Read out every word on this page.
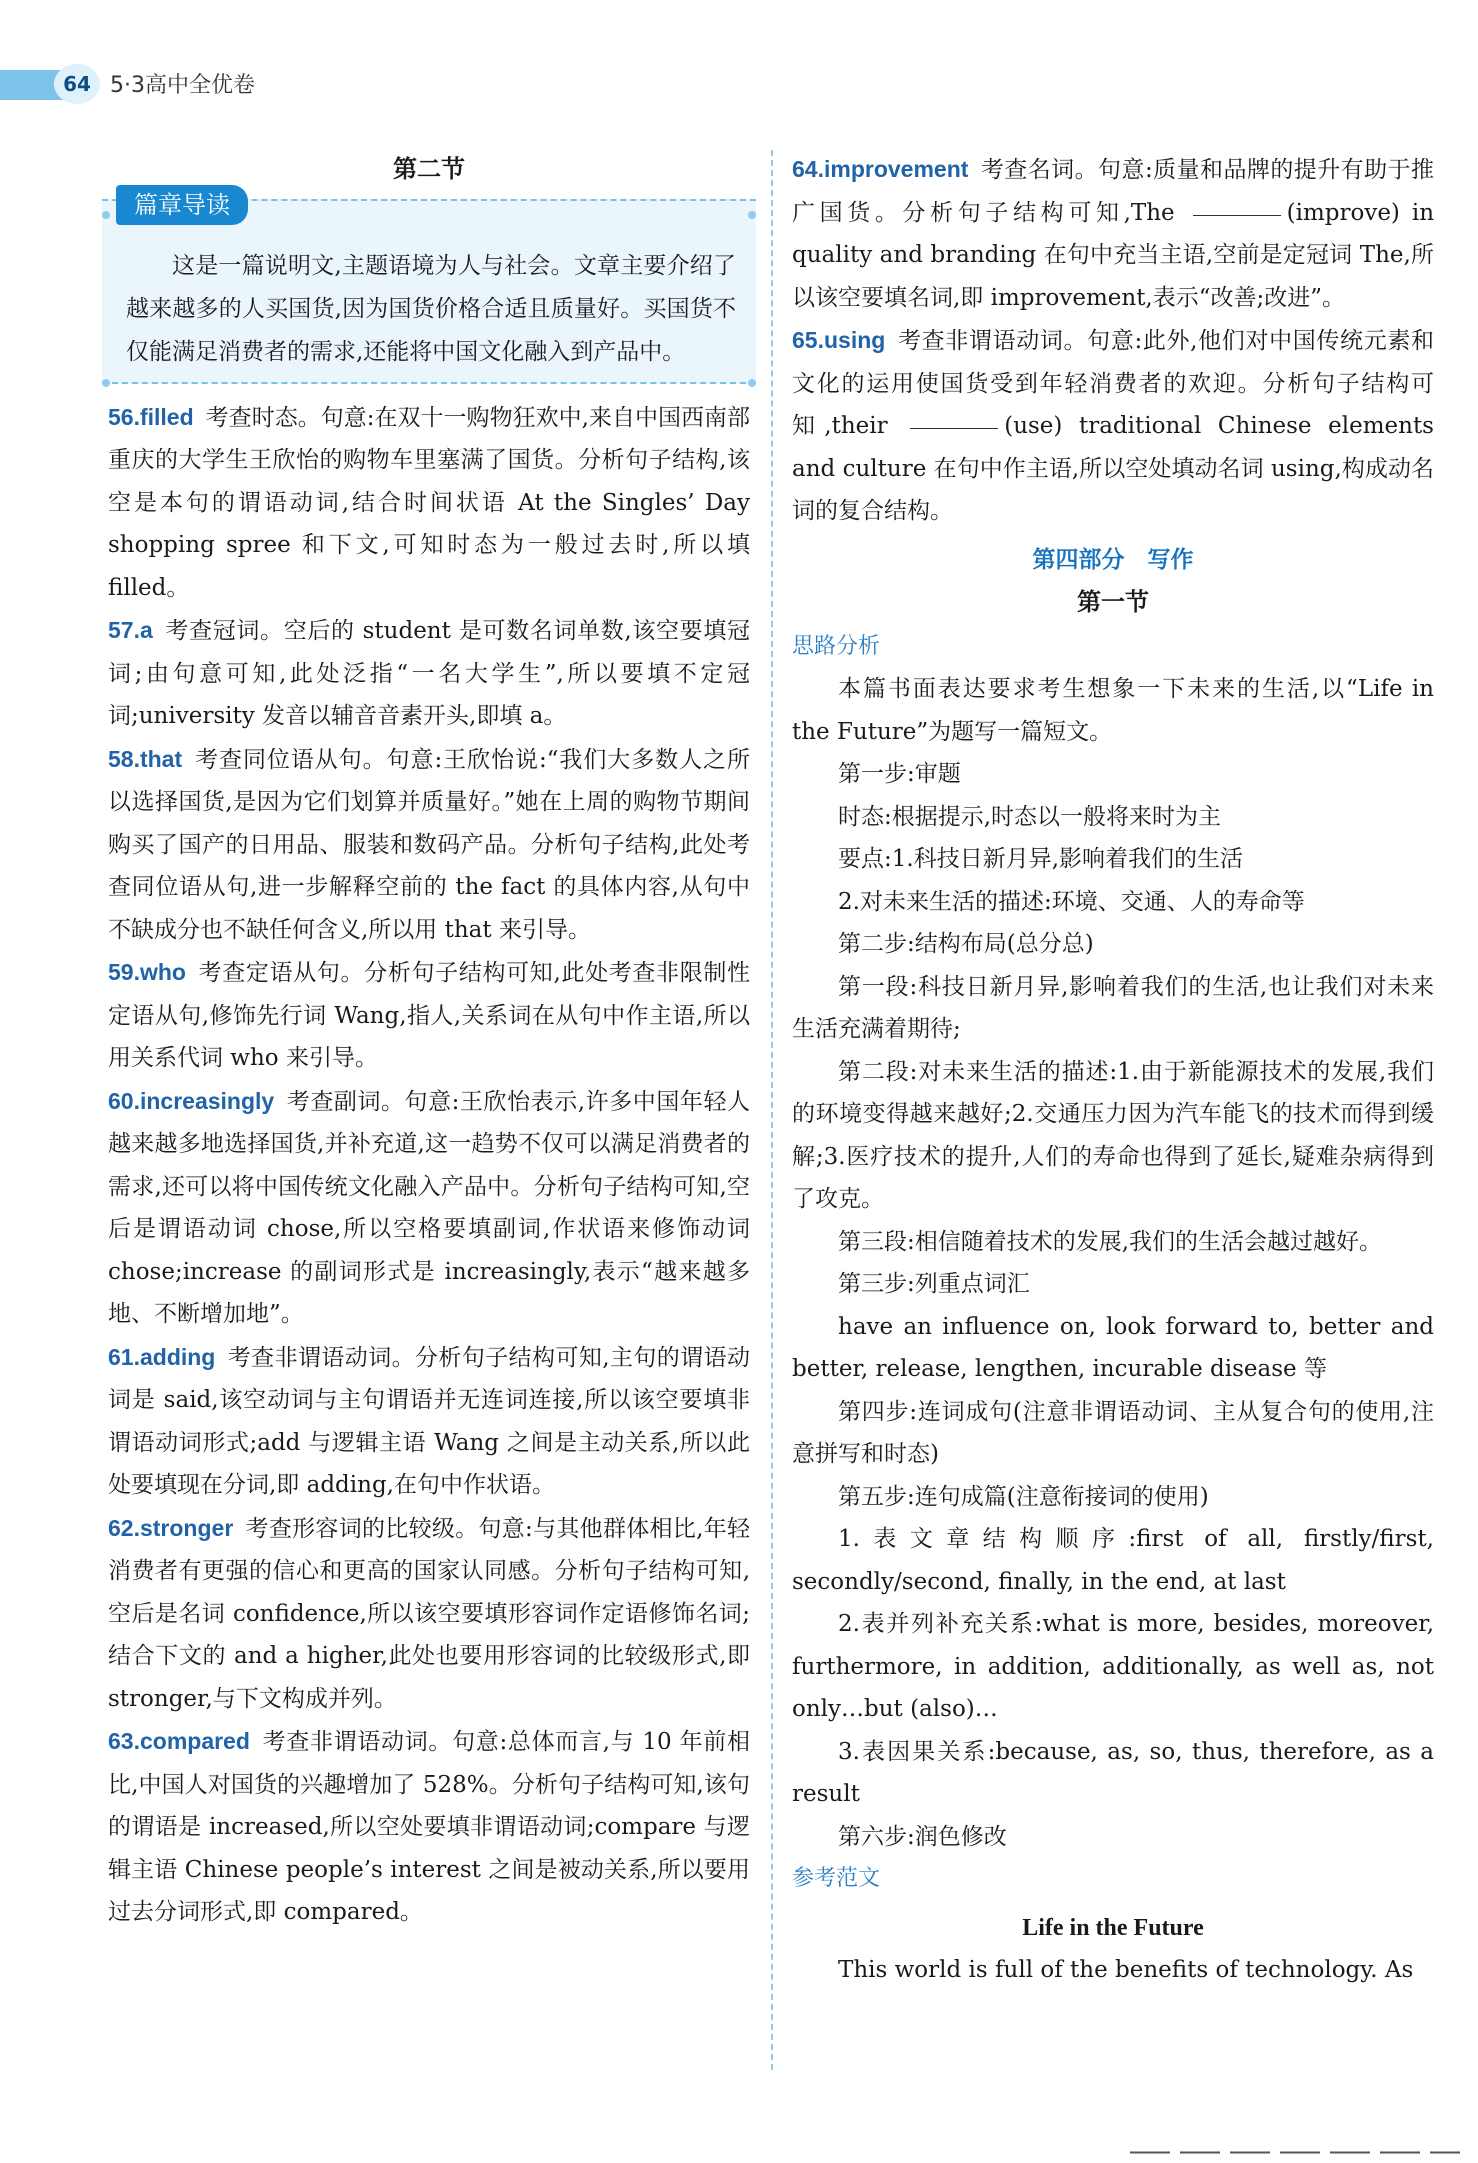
64 5·3高中全优卷
第二节
篇章导读
这是一篇说明文,主题语境为人与社会。文章主要介绍了越来越多的人买国货,因为国货价格合适且质量好。买国货不仅能满足消费者的需求,还能将中国文化融入到产品中。

56.filled 考查时态。句意:在双十一购物狂欢中,来自中国西南部重庆的大学生王欣怡的购物车里塞满了国货。分析句子结构,该空是本句的谓语动词,结合时间状语 At the Singles’ Day shopping spree 和下文,可知时态为一般过去时,所以填 filled。

57.a 考查冠词。空后的 student 是可数名词单数,该空要填冠词;由句意可知,此处泛指“一名大学生”,所以要填不定冠词;university 发音以辅音音素开头,即填 a。

58.that 考查同位语从句。句意:王欣怡说:“我们大多数人之所以选择国货,是因为它们划算并质量好。”她在上周的购物节期间购买了国产的日用品、服装和数码产品。分析句子结构,此处考查同位语从句,进一步解释空前的 the fact 的具体内容,从句中不缺成分也不缺任何含义,所以用 that 来引导。

59.who 考查定语从句。分析句子结构可知,此处考查非限制性定语从句,修饰先行词 Wang,指人,关系词在从句中作主语,所以用关系代词 who 来引导。

60.increasingly 考查副词。句意:王欣怡表示,许多中国年轻人越来越多地选择国货,并补充道,这一趋势不仅可以满足消费者的需求,还可以将中国传统文化融入产品中。分析句子结构可知,空后是谓语动词 chose,所以空格要填副词,作状语来修饰动词 chose;increase 的副词形式是 increasingly,表示“越来越多地、不断增加地”。

61.adding 考查非谓语动词。分析句子结构可知,主句的谓语动词是 said,该空动词与主句谓语并无连词连接,所以该空要填非谓语动词形式;add 与逻辑主语 Wang 之间是主动关系,所以此处要填现在分词,即 adding,在句中作状语。

62.stronger 考查形容词的比较级。句意:与其他群体相比,年轻消费者有更强的信心和更高的国家认同感。分析句子结构可知,空后是名词 confidence,所以该空要填形容词作定语修饰名词;结合下文的 and a higher,此处也要用形容词的比较级形式,即 stronger,与下文构成并列。

63.compared 考查非谓语动词。句意:总体而言,与 10 年前相比,中国人对国货的兴趣增加了 528%。分析句子结构可知,该句的谓语是 increased,所以空处要填非谓语动词;compare 与逻辑主语 Chinese people’s interest 之间是被动关系,所以要用过去分词形式,即 compared。

64.improvement 考查名词。句意:质量和品牌的提升有助于推广国货。分析句子结构可知,The	(improve) in quality and branding 在句中充当主语,空前是定冠词 The,所以该空要填名词,即 improvement,表示“改善;改进”。

65.using 考查非谓语动词。句意:此外,他们对中国传统元素和文化的运用使国货受到年轻消费者的欢迎。分析句子结构可知,their	(use) traditional Chinese elements and culture 在句中作主语,所以空处填动名词 using,构成动名词的复合结构。

第四部分　写作
第一节
思路分析

本篇书面表达要求考生想象一下未来的生活,以“Life in the Future”为题写一篇短文。

第一步:审题

时态:根据提示,时态以一般将来时为主

要点:1.科技日新月异,影响着我们的生活

2.对未来生活的描述:环境、交通、人的寿命等

第二步:结构布局(总分总)

第一段:科技日新月异,影响着我们的生活,也让我们对未来生活充满着期待;

第二段:对未来生活的描述:1.由于新能源技术的发展,我们的环境变得越来越好;2.交通压力因为汽车能飞的技术而得到缓解;3.医疗技术的提升,人们的寿命也得到了延长,疑难杂病得到了攻克。

第三段:相信随着技术的发展,我们的生活会越过越好。

第三步:列重点词汇

have an influence on, look forward to, better and better, release, lengthen, incurable disease 等

第四步:连词成句(注意非谓语动词、主从复合句的使用,注意拼写和时态)

第五步:连句成篇(注意衔接词的使用)

1.表文章结构顺序:first of all, firstly/first, secondly/second, finally, in the end, at last

2.表并列补充关系:what is more, besides, moreover, furthermore, in addition, additionally, as well as, not only…but (also)…

3.表因果关系:because, as, so, thus, therefore, as a result

第六步:润色修改

参考范文
Life in the Future

This world is full of the benefits of technology. As
